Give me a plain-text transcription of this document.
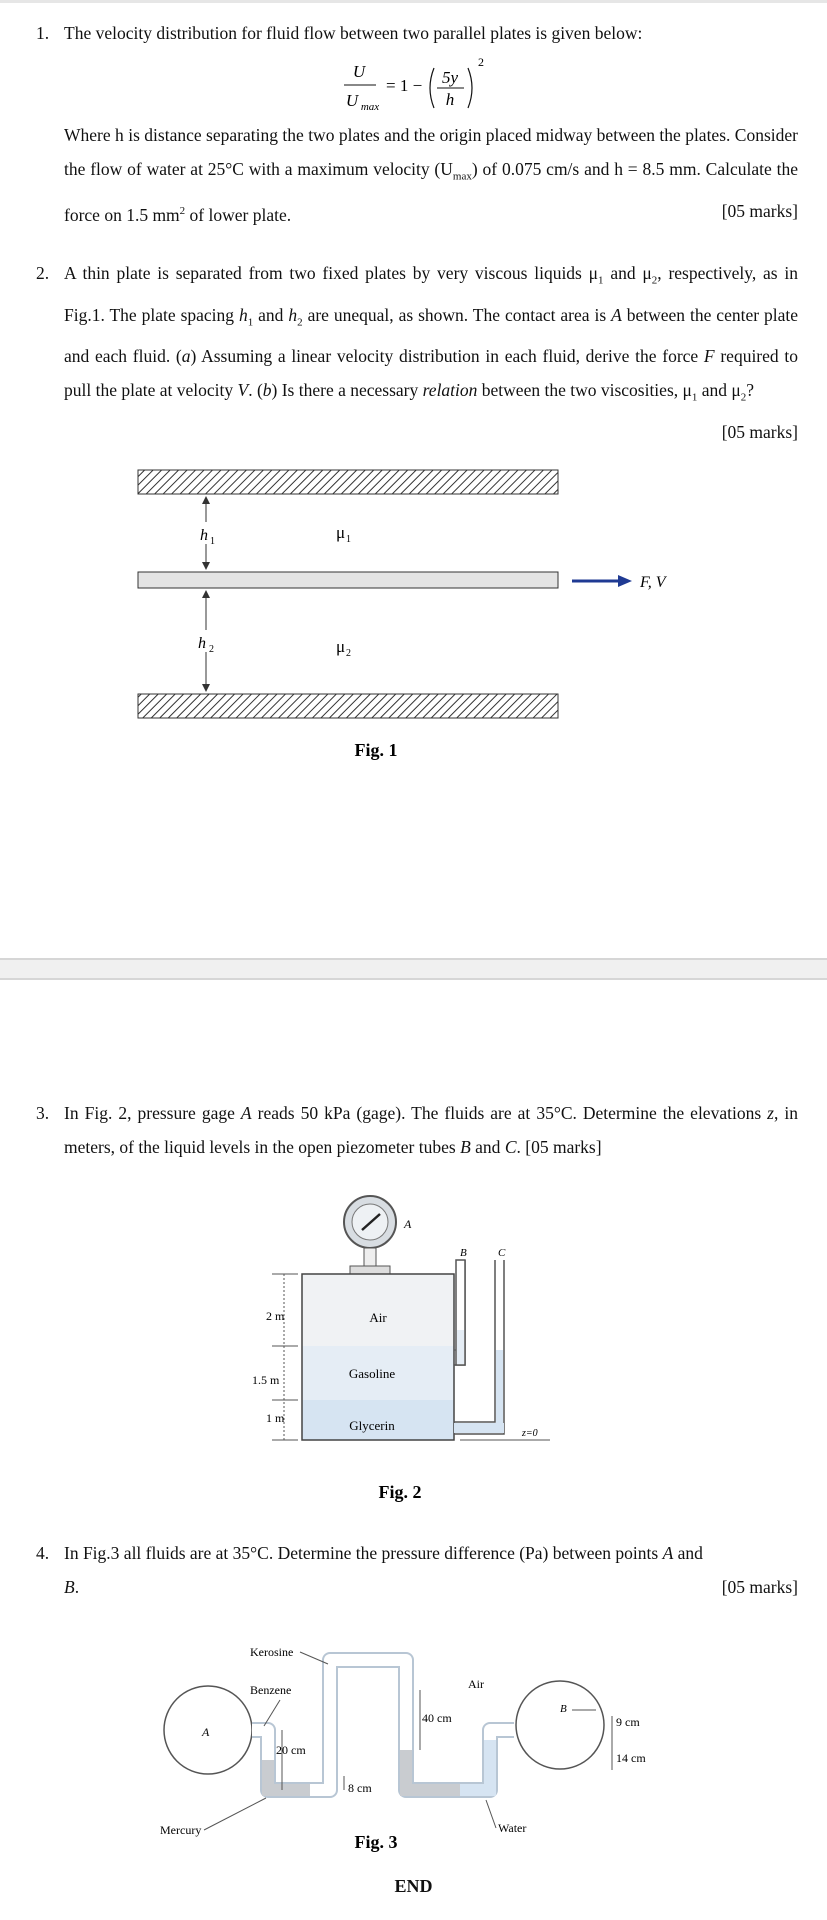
1. The velocity distribution for fluid flow between two parallel plates is given below:
U
U max
= 1 − 5y
h
2
Where h is distance separating the two plates and the origin placed midway between the plates. Consider the flow of water at 25°C with a maximum velocity $(U_{max})$ of 0.075 cm/s and h = 8.5 mm. Calculate the force on 1.5 $mm^2$ of lower plate.	[05 marks]
2. A thin plate is separated from two fixed plates by very viscous liquids $\mu_1$ and $\mu_2$, respectively, as in Fig.1. The plate spacing $h_1$ and $h_2$ are unequal, as shown. The contact area is A between the center plate and each fluid. (a) Assuming a linear velocity distribution in each fluid, derive the force F required to pull the plate at velocity V. (b) Is there a necessary relation between the two viscosities, $\mu_1$ and $\mu_2$?
[05 marks]
h 1
h 2
μ 1
μ 2
F, V
Fig. 1
3. In Fig. 2, pressure gage A reads 50 kPa (gage). The fluids are at 35°C. Determine the elevations z, in meters, of the liquid levels in the open piezometer tubes B and C. [05 marks]
A
B	C
z=0
2 m
1.5 m
1 m
Air
Gasoline
Glycerin
Fig. 2
4. In Fig.3 all fluids are at 35°C. Determine the pressure difference (Pa) between points A and
B.	[05 marks]
A
B
Kerosine
Benzene	Air
Mercury	Water
20 cm
8 cm
40 cm	9 cm
14 cm
Fig. 3
END
